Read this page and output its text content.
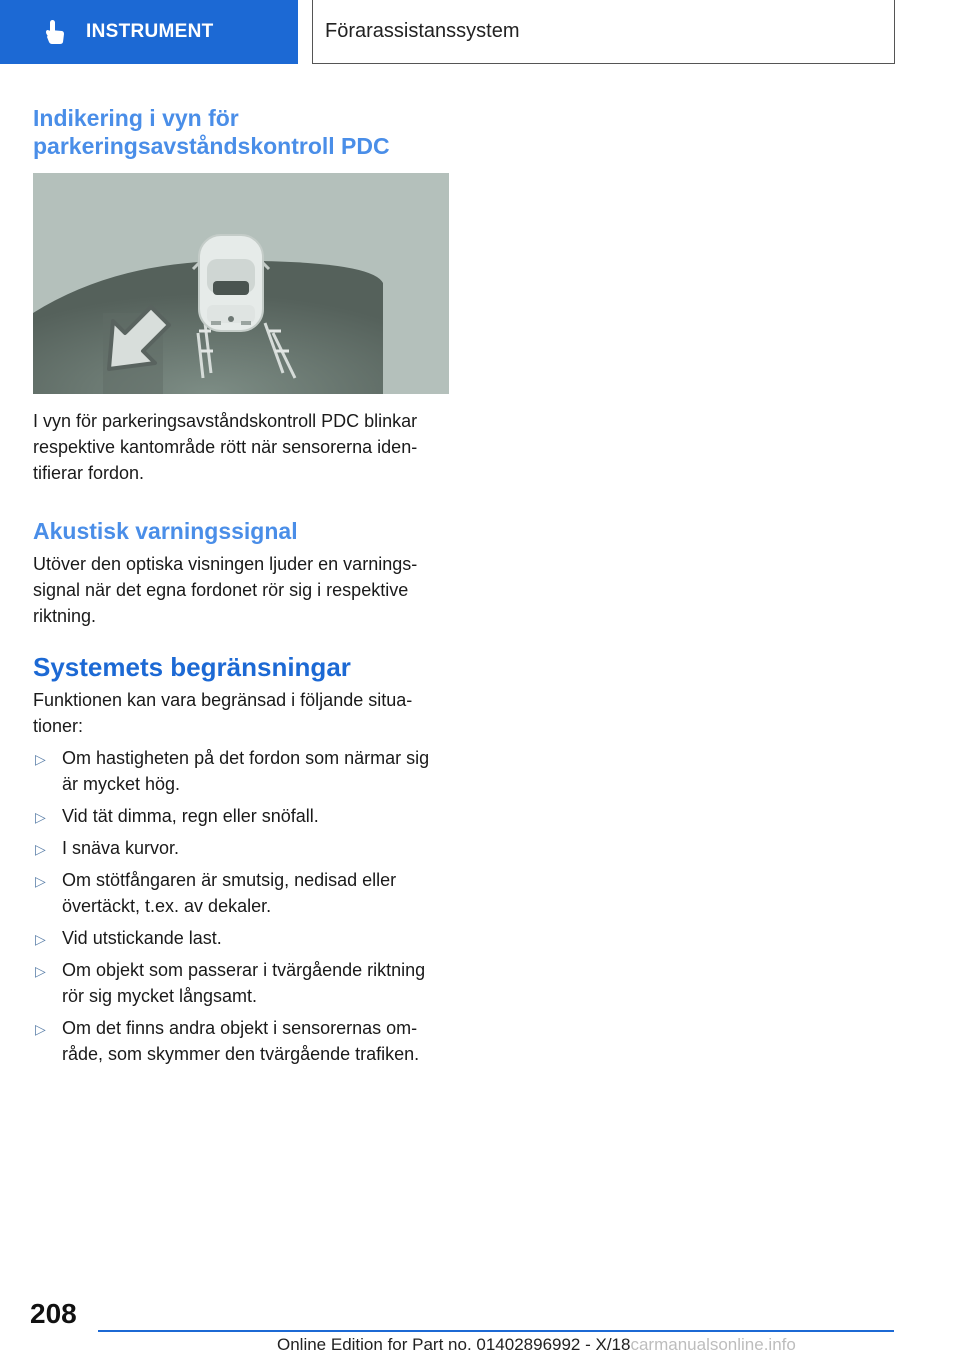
INSTRUMENT	Förarassistanssystem
Indikering i vyn för parkeringsavståndskontroll PDC

I vyn för parkeringsavståndskontroll PDC blinkar respektive kantområde rött när sensorerna iden‐ tifierar fordon.

Akustisk varningssignal

Utöver den optiska visningen ljuder en varnings‐ signal när det egna fordonet rör sig i respektive riktning.

Systemets begränsningar

Funktionen kan vara begränsad i följande situa‐ tioner:

▷ Om hastigheten på det fordon som närmar sig är mycket hög.
▷ Vid tät dimma, regn eller snöfall.
▷ I snäva kurvor.
▷ Om stötfångaren är smutsig, nedisad eller övertäckt, t.ex. av dekaler.
▷ Vid utstickande last.
▷ Om objekt som passerar i tvärgående riktning rör sig mycket långsamt.
▷ Om det finns andra objekt i sensorernas om‐ råde, som skymmer den tvärgående trafiken.
208
Online Edition for Part no. 01402896992 - X/18carmanualsonline.info
